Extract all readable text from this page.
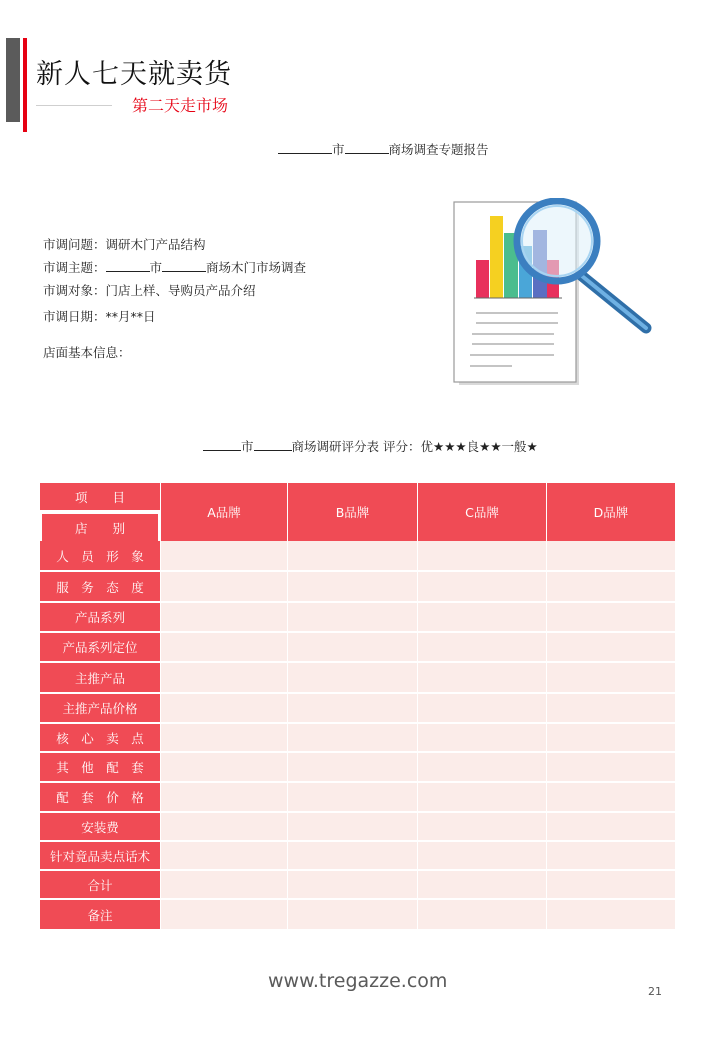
新人七天就卖货
第二天走市场
市	商场调查专题报告
市调问题：调研木门产品结构
市调主题：	市	商场木门市场调查
市调对象：门店上样、导购员产品介绍
市调日期：**月**日
店面基本信息：
市	商场调研评分表 评分：优★★★良★★一般★
项　　目
店　　别
A品牌	B品牌	C品牌	D品牌
人　员　形　象
服　务　态　度
产品系列
产品系列定位
主推产品
主推产品价格
核　心　卖　点
其　他　配　套
配　套　价　格
安装费
针对竟品卖点话术
合计
备注
www.tregazze.com	21
